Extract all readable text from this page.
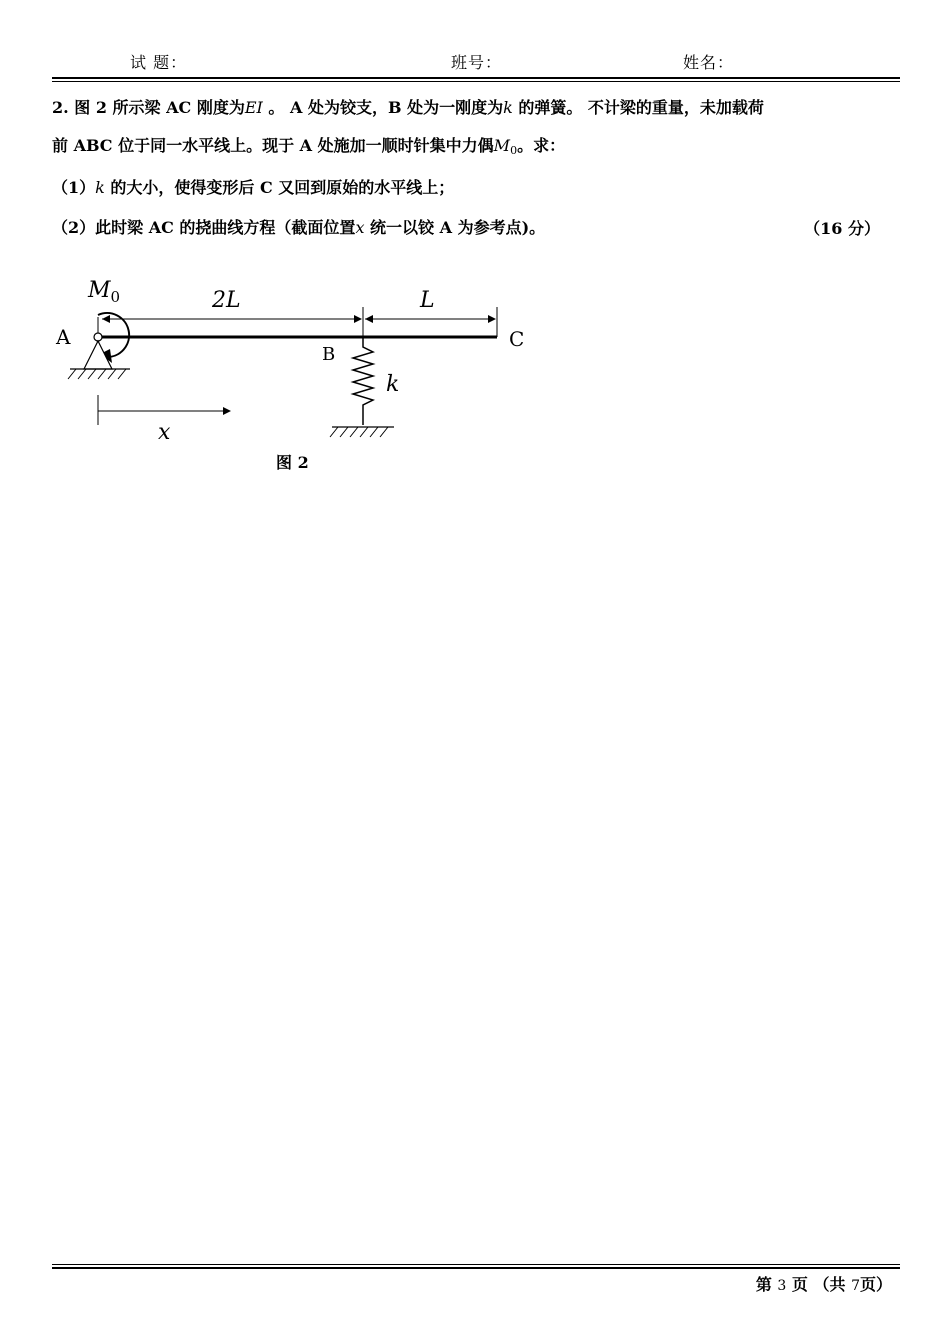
试 题：	班号：	姓名：
2. 图 2 所示梁 AC 刚度为EI 。 A 处为铰支，B 处为一刚度为k 的弹簧。 不计梁的重量，未加载荷
前 ABC 位于同一水平线上。现于 A 处施加一顺时针集中力偶$M_0$。求：
（1）k 的大小，使得变形后 C 又回到原始的水平线上；
（2）此时梁 AC 的挠曲线方程（截面位置x 统一以铰 A 为参考点)。	（16 分）
$M_0$	2L	L
A
B
C
k
x
图 2
第 3 页 （共 7页）
